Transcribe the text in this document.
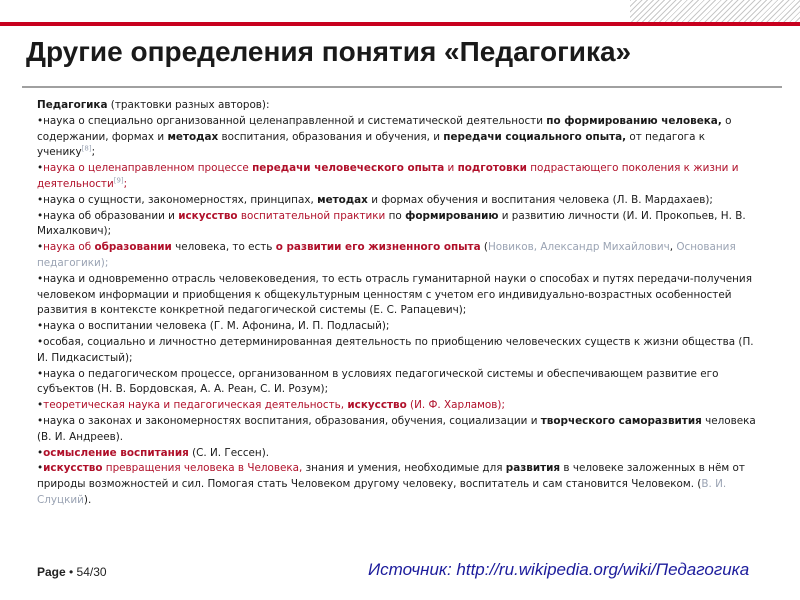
Другие определения понятия «Педагогика»

Педагогика (трактовки разных авторов):

•наука о специально организованной целенаправленной и систематической деятельности по формированию человека, о содержании, формах и методах воспитания, образования и обучения, и передачи социального опыта, от педагога к ученику[8];

•наука о целенаправленном процессе передачи человеческого опыта и подготовки подрастающего поколения к жизни и деятельности[9];

•наука о сущности, закономерностях, принципах, методах и формах обучения и воспитания человека (Л. В. Мардахаев);

•наука об образовании и искусство воспитательной практики по формированию и развитию личности (И. И. Прокопьев, Н. В. Михалкович);

•наука об образовании человека, то есть о развитии его жизненного опыта (Новиков, Александр Михайлович, Основания педагогики);

•наука и одновременно отрасль человековедения, то есть отрасль гуманитарной науки о способах и путях передачи-получения человеком информации и приобщения к общекультурным ценностям с учетом его индивидуально-возрастных особенностей развития в контексте конкретной педагогической системы (Е. С. Рапацевич);

•наука о воспитании человека (Г. М. Афонина, И. П. Подласый);

•особая, социально и личностно детерминированная деятельность по приобщению человеческих существ к жизни общества (П. И. Пидкасистый);

•наука о педагогическом процессе, организованном в условиях педагогической системы и обеспечивающем развитие его субъектов (Н. В. Бордовская, А. А. Реан, С. И. Розум);

•теоретическая наука и педагогическая деятельность, искусство (И. Ф. Харламов);

•наука о законах и закономерностях воспитания, образования, обучения, социализации и творческого саморазвития человека (В. И. Андреев).

•осмысление воспитания (С. И. Гессен).

•искусство превращения человека в Человека, знания и умения, необходимые для развития в человеке заложенных в нём от природы возможностей и сил. Помогая стать Человеком другому человеку, воспитатель и сам становится Человеком. (В. И. Слуцкий).

Page • 54/30	Источник: http://ru.wikipedia.org/wiki/Педагогика
